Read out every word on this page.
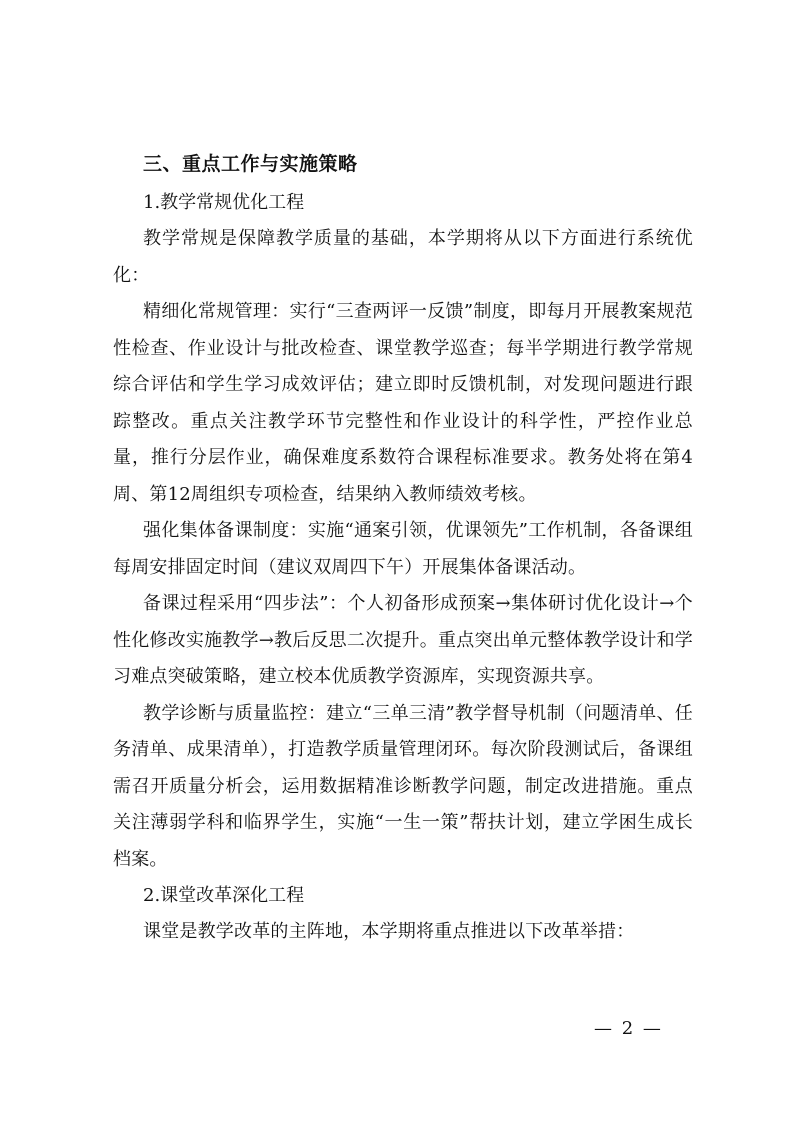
三、重点工作与实施策略

1.教学常规优化工程

教学常规是保障教学质量的基础，本学期将从以下方面进行系统优化：

精细化常规管理：实行“三查两评一反馈”制度，即每月开展教案规范性检查、作业设计与批改检查、课堂教学巡查；每半学期进行教学常规综合评估和学生学习成效评估；建立即时反馈机制，对发现问题进行跟踪整改。重点关注教学环节完整性和作业设计的科学性，严控作业总量，推行分层作业，确保难度系数符合课程标准要求。教务处将在第4周、第12周组织专项检查，结果纳入教师绩效考核。

强化集体备课制度：实施“通案引领，优课领先”工作机制，各备课组每周安排固定时间（建议双周四下午）开展集体备课活动。

备课过程采用“四步法”：个人初备形成预案→集体研讨优化设计→个性化修改实施教学→教后反思二次提升。重点突出单元整体教学设计和学习难点突破策略，建立校本优质教学资源库，实现资源共享。

教学诊断与质量监控：建立“三单三清”教学督导机制（问题清单、任务清单、成果清单），打造教学质量管理闭环。每次阶段测试后，备课组需召开质量分析会，运用数据精准诊断教学问题，制定改进措施。重点关注薄弱学科和临界学生，实施“一生一策”帮扶计划，建立学困生成长档案。

2.课堂改革深化工程

课堂是教学改革的主阵地，本学期将重点推进以下改革举措：

— 2 —
